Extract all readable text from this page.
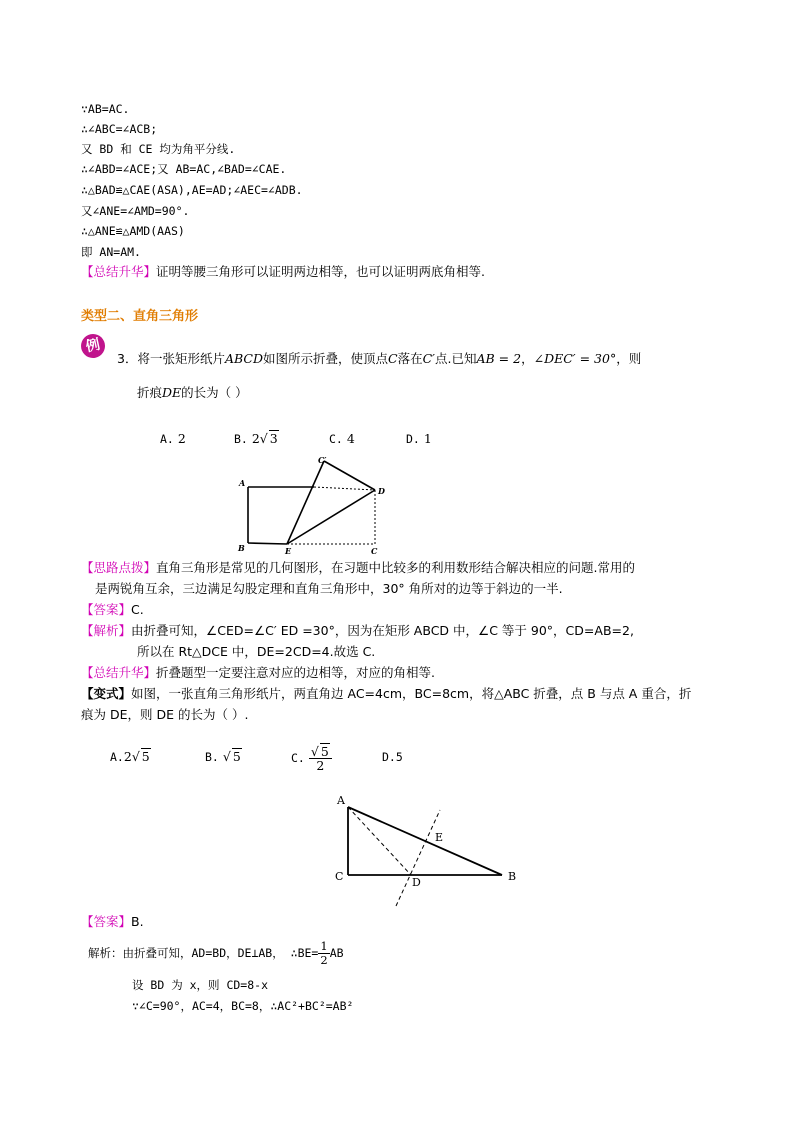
∵AB=AC.
∴∠ABC=∠ACB;
又 BD 和 CE 均为角平分线.
∴∠ABD=∠ACE;又 AB=AC,∠BAD=∠CAE.
∴△BAD≌△CAE(ASA),AE=AD;∠AEC=∠ADB.
又∠ANE=∠AMD=90°.
∴△ANE≌△AMD(AAS)
即 AN=AM.
【总结升华】证明等腰三角形可以证明两边相等，也可以证明两底角相等.
类型二、直角三角形
例
3．将一张矩形纸片ABCD如图所示折叠，使顶点C落在C′点.已知AB = 2，∠DEC′ = 30°，则
折痕DE的长为（ ）
A. 2	B. 2√ 3	C. 4	D. 1
A
B	E	C
C′
D
【思路点拨】直角三角形是常见的几何图形，在习题中比较多的利用数形结合解决相应的问题.常用的
是两锐角互余，三边满足勾股定理和直角三角形中，30° 角所对的边等于斜边的一半.
【答案】C.
【解析】由折叠可知，∠CED=∠C′ ED =30°，因为在矩形 ABCD 中，∠C 等于 90°，CD=AB=2,
所以在 Rt△DCE 中，DE=2CD=4.故选 C.
【总结升华】折叠题型一定要注意对应的边相等，对应的角相等.
【变式】如图，一张直角三角形纸片，两直角边 AC=4cm，BC=8cm，将△ABC 折叠，点 B 与点 A 重合，折
痕为 DE，则 DE 的长为（ ）.
A.2√ 5	B. √ 5	C. $\frac{√ 5}{2}$	D.5
A
C	B
D
E
【答案】B.
解析：由折叠可知，AD=BD，DE⊥AB， ∴BE= $\frac{1}{2}$ AB
设 BD 为 x，则 CD=8-x
∵∠C=90°，AC=4，BC=8，∴AC²+BC²=AB²
